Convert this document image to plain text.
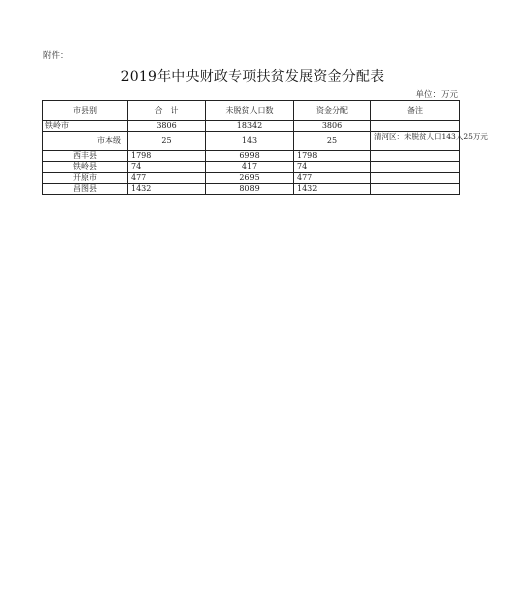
附件：
2019年中央财政专项扶贫发展资金分配表
单位：万元
市县别	合　计	未脱贫人口数	资金分配	备注
铁岭市	3806	18342	3806	
市本级	25	143	25	清河区：未脱贫人口143人25万元
西丰县	1798	6998	1798	
铁岭县	74	417	74	
开原市	477	2695	477	
昌图县	1432	8089	1432	
